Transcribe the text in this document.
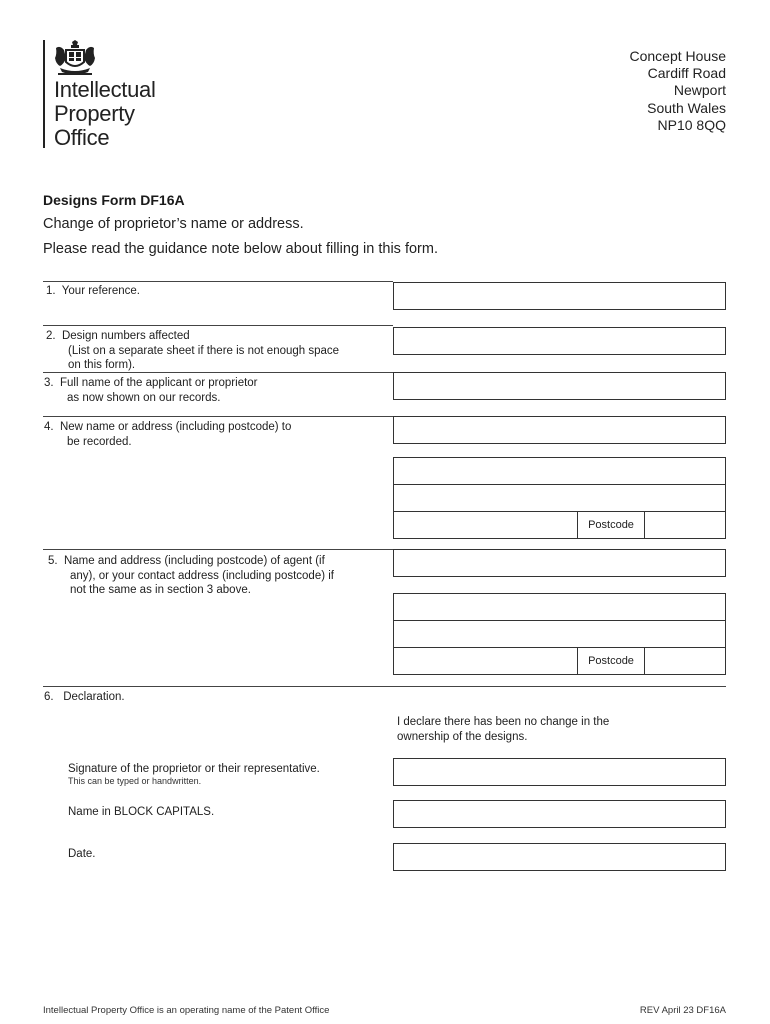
Intellectual
Property
Office
Concept House
Cardiff Road
Newport
South Wales
NP10 8QQ
Designs Form DF16A
Change of proprietor’s name or address.
Please read the guidance note below about filling in this form.
1. Your reference.
2. Design numbers affected
(List on a separate sheet if there is not enough space
on this form).
3. Full name of the applicant or proprietor
as now shown on our records.
4. New name or address (including postcode) to
be recorded.
Postcode
5. Name and address (including postcode) of agent (if
any), or your contact address (including postcode) if
not the same as in section 3 above.
Postcode
6. Declaration.
I declare there has been no change in the
ownership of the designs.
Signature of the proprietor or their representative.
This can be typed or handwritten.
Name in BLOCK CAPITALS.
Date.
Intellectual Property Office is an operating name of the Patent Office	REV April 23 DF16A
